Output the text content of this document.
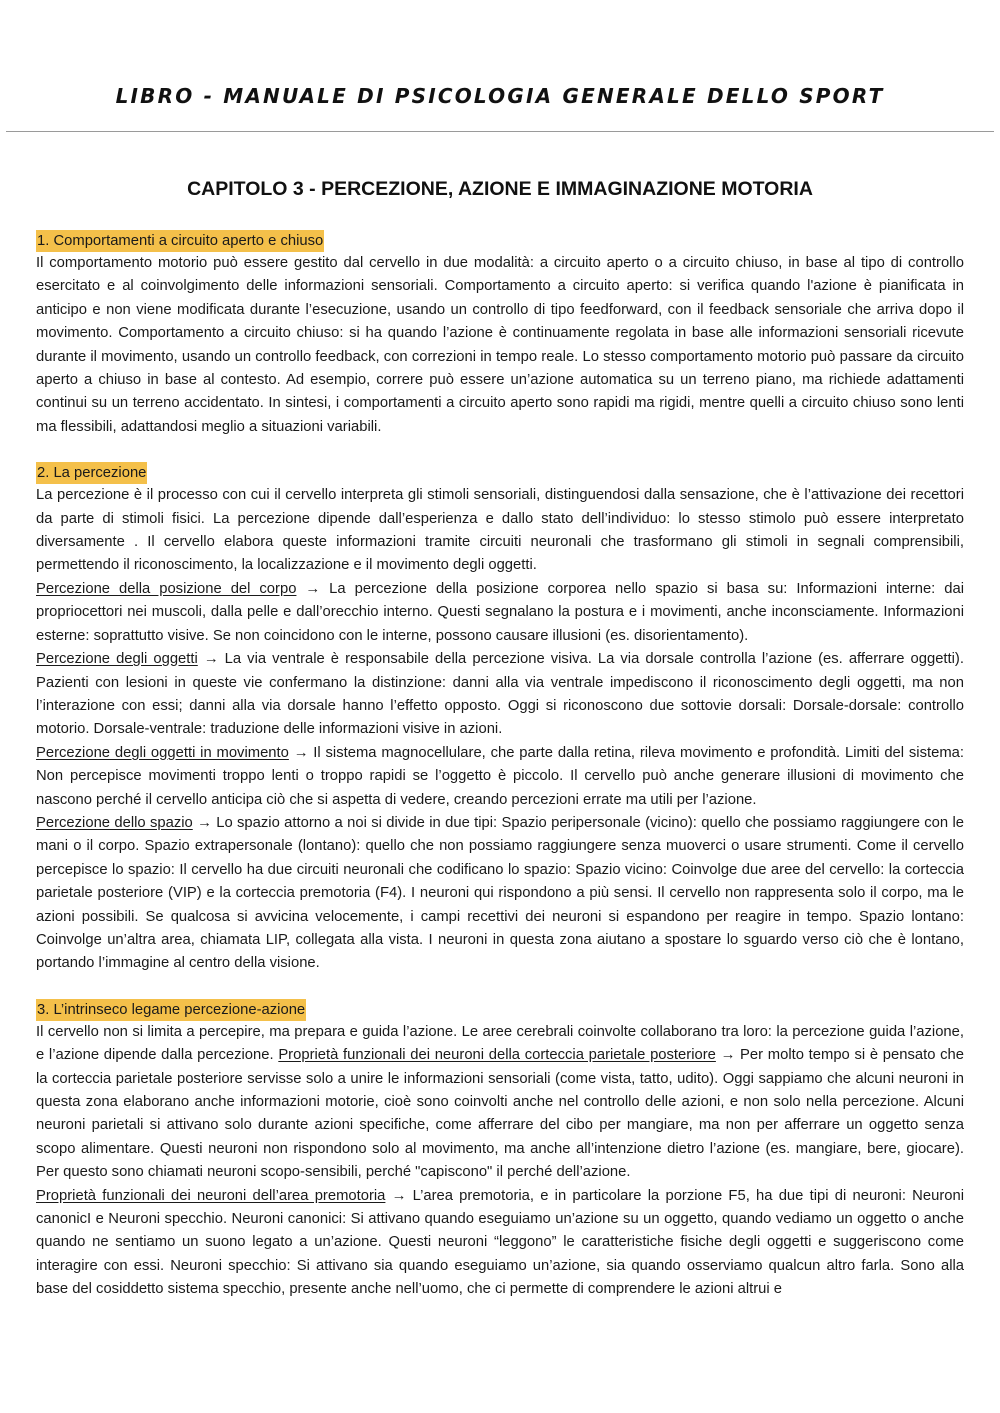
LIBRO - MANUALE DI PSICOLOGIA GENERALE DELLO SPORT
CAPITOLO 3 - PERCEZIONE, AZIONE E IMMAGINAZIONE MOTORIA
1. Comportamenti a circuito aperto e chiuso

Il comportamento motorio può essere gestito dal cervello in due modalità: a circuito aperto o a circuito chiuso, in base al tipo di controllo esercitato e al coinvolgimento delle informazioni sensoriali. Comportamento a circuito aperto: si verifica quando l'azione è pianificata in anticipo e non viene modificata durante l’esecuzione, usando un controllo di tipo feedforward, con il feedback sensoriale che arriva dopo il movimento. Comportamento a circuito chiuso: si ha quando l’azione è continuamente regolata in base alle informazioni sensoriali ricevute durante il movimento, usando un controllo feedback, con correzioni in tempo reale. Lo stesso comportamento motorio può passare da circuito aperto a chiuso in base al contesto. Ad esempio, correre può essere un’azione automatica su un terreno piano, ma richiede adattamenti continui su un terreno accidentato. In sintesi, i comportamenti a circuito aperto sono rapidi ma rigidi, mentre quelli a circuito chiuso sono lenti ma flessibili, adattandosi meglio a situazioni variabili.

2. La percezione

La percezione è il processo con cui il cervello interpreta gli stimoli sensoriali, distinguendosi dalla sensazione, che è l’attivazione dei recettori da parte di stimoli fisici. La percezione dipende dall’esperienza e dallo stato dell’individuo: lo stesso stimolo può essere interpretato diversamente . Il cervello elabora queste informazioni tramite circuiti neuronali che trasformano gli stimoli in segnali comprensibili, permettendo il riconoscimento, la localizzazione e il movimento degli oggetti.

Percezione della posizione del corpo → La percezione della posizione corporea nello spazio si basa su: Informazioni interne: dai propriocettori nei muscoli, dalla pelle e dall’orecchio interno. Questi segnalano la postura e i movimenti, anche inconsciamente. Informazioni esterne: soprattutto visive. Se non coincidono con le interne, possono causare illusioni (es. disorientamento).

Percezione degli oggetti → La via ventrale è responsabile della percezione visiva. La via dorsale controlla l’azione (es. afferrare oggetti). Pazienti con lesioni in queste vie confermano la distinzione: danni alla via ventrale impediscono il riconoscimento degli oggetti, ma non l’interazione con essi; danni alla via dorsale hanno l’effetto opposto. Oggi si riconoscono due sottovie dorsali: Dorsale-dorsale: controllo motorio. Dorsale-ventrale: traduzione delle informazioni visive in azioni.

Percezione degli oggetti in movimento → Il sistema magnocellulare, che parte dalla retina, rileva movimento e profondità. Limiti del sistema: Non percepisce movimenti troppo lenti o troppo rapidi se l’oggetto è piccolo. Il cervello può anche generare illusioni di movimento che nascono perché il cervello anticipa ciò che si aspetta di vedere, creando percezioni errate ma utili per l’azione.

Percezione dello spazio → Lo spazio attorno a noi si divide in due tipi: Spazio peripersonale (vicino): quello che possiamo raggiungere con le mani o il corpo. Spazio extrapersonale (lontano): quello che non possiamo raggiungere senza muoverci o usare strumenti. Come il cervello percepisce lo spazio: Il cervello ha due circuiti neuronali che codificano lo spazio: Spazio vicino: Coinvolge due aree del cervello: la corteccia parietale posteriore (VIP) e la corteccia premotoria (F4). I neuroni qui rispondono a più sensi. Il cervello non rappresenta solo il corpo, ma le azioni possibili. Se qualcosa si avvicina velocemente, i campi recettivi dei neuroni si espandono per reagire in tempo. Spazio lontano: Coinvolge un’altra area, chiamata LIP, collegata alla vista. I neuroni in questa zona aiutano a spostare lo sguardo verso ciò che è lontano, portando l’immagine al centro della visione.

3. L’intrinseco legame percezione-azione

Il cervello non si limita a percepire, ma prepara e guida l’azione. Le aree cerebrali coinvolte collaborano tra loro: la percezione guida l’azione, e l’azione dipende dalla percezione. Proprietà funzionali dei neuroni della corteccia parietale posteriore → Per molto tempo si è pensato che la corteccia parietale posteriore servisse solo a unire le informazioni sensoriali (come vista, tatto, udito). Oggi sappiamo che alcuni neuroni in questa zona elaborano anche informazioni motorie, cioè sono coinvolti anche nel controllo delle azioni, e non solo nella percezione. Alcuni neuroni parietali si attivano solo durante azioni specifiche, come afferrare del cibo per mangiare, ma non per afferrare un oggetto senza scopo alimentare. Questi neuroni non rispondono solo al movimento, ma anche all’intenzione dietro l’azione (es. mangiare, bere, giocare). Per questo sono chiamati neuroni scopo-sensibili, perché "capiscono" il perché dell’azione.

Proprietà funzionali dei neuroni dell’area premotoria → L’area premotoria, e in particolare la porzione F5, ha due tipi di neuroni: Neuroni canonicI e Neuroni specchio. Neuroni canonici: Si attivano quando eseguiamo un’azione su un oggetto, quando vediamo un oggetto o anche quando ne sentiamo un suono legato a un’azione. Questi neuroni “leggono” le caratteristiche fisiche degli oggetti e suggeriscono come interagire con essi. Neuroni specchio: Si attivano sia quando eseguiamo un’azione, sia quando osserviamo qualcun altro farla. Sono alla base del cosiddetto sistema specchio, presente anche nell’uomo, che ci permette di comprendere le azioni altrui e
